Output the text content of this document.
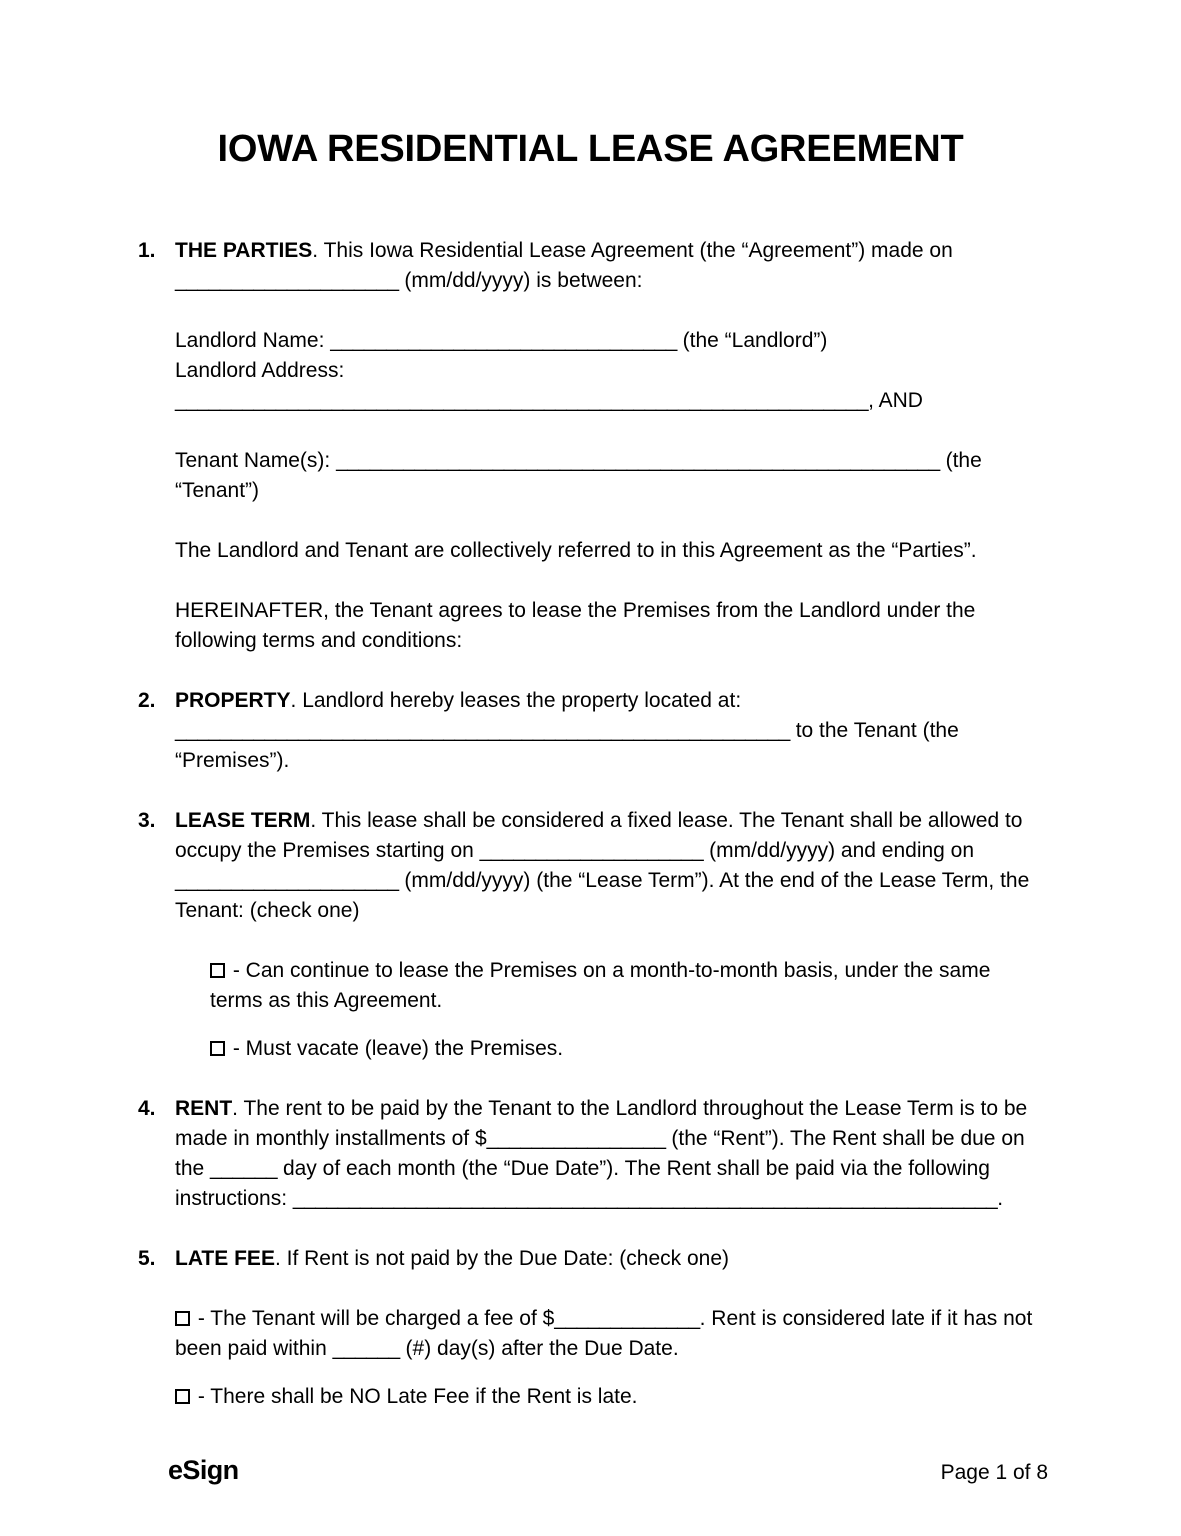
IOWA RESIDENTIAL LEASE AGREEMENT
1. THE PARTIES. This Iowa Residential Lease Agreement (the “Agreement”) made on
____________________ (mm/dd/yyyy) is between:
Landlord Name: _______________________________ (the “Landlord”)
Landlord Address: ______________________________________________________________, AND
Tenant Name(s): ______________________________________________________ (the “Tenant”)
The Landlord and Tenant are collectively referred to in this Agreement as the “Parties”.
HEREINAFTER, the Tenant agrees to lease the Premises from the Landlord under the following terms and conditions:
2. PROPERTY. Landlord hereby leases the property located at:
_______________________________________________________ to the Tenant (the “Premises”).
3. LEASE TERM. This lease shall be considered a fixed lease. The Tenant shall be allowed to occupy the Premises starting on ____________________ (mm/dd/yyyy) and ending on ____________________ (mm/dd/yyyy) (the “Lease Term”). At the end of the Lease Term, the Tenant: (check one)
- Can continue to lease the Premises on a month-to-month basis, under the same terms as this Agreement.
- Must vacate (leave) the Premises.
4. RENT. The rent to be paid by the Tenant to the Landlord throughout the Lease Term is to be made in monthly installments of $________________ (the “Rent”). The Rent shall be due on the ______ day of each month (the “Due Date”). The Rent shall be paid via the following instructions: _______________________________________________________________.
5. LATE FEE. If Rent is not paid by the Due Date: (check one)
- The Tenant will be charged a fee of $_____________. Rent is considered late if it has not been paid within ______ (#) day(s) after the Due Date.
- There shall be NO Late Fee if the Rent is late.
eSign	Page 1 of 8
